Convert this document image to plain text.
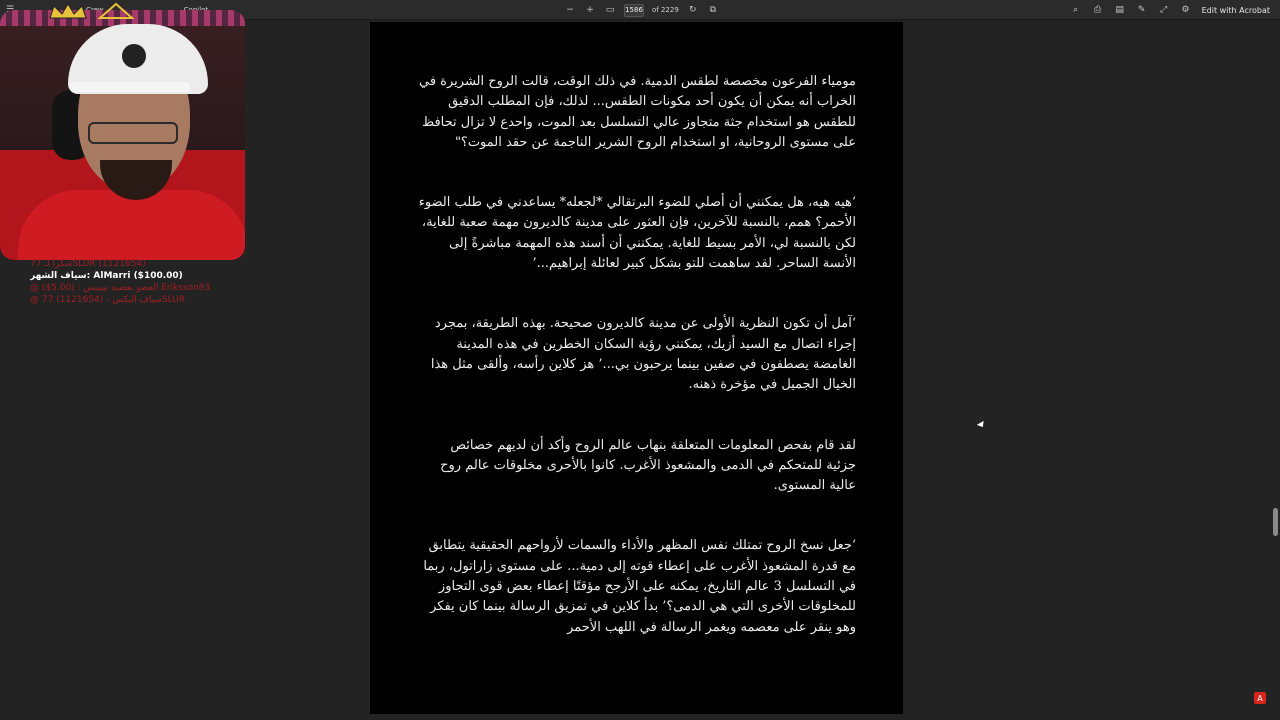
− + ▭ 1586 of 2229 ↻	⧉	⌕	⎙ ▤ ✎ ⤢ ⚙ Edit with Acrobat
شكراً لـ 77SLUR (1121654)
سياف الشهر: AlMarri ($100.00)
@ العضو بعضية بيبيتس : (5.00$) Eriksson83
@ سياف البكس - (1121654) 77SLUR

مومياء الفرعون مخصصة لطقس الدمية. في ذلك الوقت، قالت الروح الشريرة في الخراب أنه يمكن أن يكون أحد مكونات الطقس... لذلك، فإن المطلب الدقيق للطقس هو استخدام جثة متجاوز عالي التسلسل بعد الموت، واحدع لا تزال تحافظ على مستوى الروحانية، او استخدام الروح الشرير الناجمة عن حقد الموت؟"

‘هيه هيه، هل يمكنني أن أصلي للضوء البرتقالي *لجعله* يساعدني في طلب الضوء الأحمر؟ همم، بالنسبة للآخرين، فإن العثور على مدينة كالديرون مهمة صعبة للغاية، لكن بالنسبة لي، الأمر بسيط للغاية. يمكنني أن أسند هذه المهمة مباشرةً إلى الأنسة الساحر. لقد ساهمت للتو بشكل كبير لعائلة إبراهيم...’

‘آمل أن تكون النظرية الأولى عن مدينة كالديرون صحيحة. بهذه الطريقة، بمجرد إجراء اتصال مع السيد أزيك، يمكنني رؤية السكان الخطرين في هذه المدينة الغامضة يصطفون في صفين بينما يرحبون بي...’ هز كلاين رأسه، وألقى مثل هذا الخيال الجميل في مؤخرة ذهنه.

لقد قام بفحص المعلومات المتعلقة بنهاب عالم الروح وأكد أن لديهم خصائص جزئية للمتحكم في الدمى والمشعوذ الأغرب. كانوا بالأحرى مخلوقات عالم روح عالية المستوى.

‘جعل نسخ الروح تمتلك نفس المظهر والأداء والسمات لأرواحهم الحقيقية يتطابق مع قدرة المشعوذ الأغرب على إعطاء قوته إلى دمية... على مستوى زاراتول، ربما في التسلسل 3 عالم التاريخ، يمكنه على الأرجح مؤقتًا إعطاء بعض قوى التجاوز للمخلوقات الأخرى التي هي الدمى؟’ بدأ كلاين في تمزيق الرسالة بينما كان يفكر وهو ينقر على معصمه ويغمر الرسالة في اللهب الأحمر

A
